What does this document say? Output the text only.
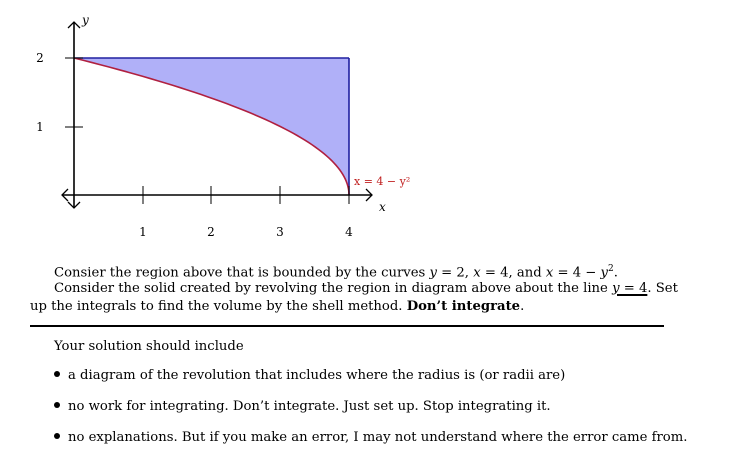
1	2	3	4
1
2
y
x
x = 4 − y²
Consier the region above that is bounded by the curves y = 2, x = 4, and $x = 4 - y^2$.
Consider the solid created by revolving the region in diagram above about the line y = 4. Set
up the integrals to find the volume by the shell method. Don’t integrate.
Your solution should include
a diagram of the revolution that includes where the radius is (or radii are)
no work for integrating. Don’t integrate. Just set up. Stop integrating it.
no explanations. But if you make an error, I may not understand where the error came from.
